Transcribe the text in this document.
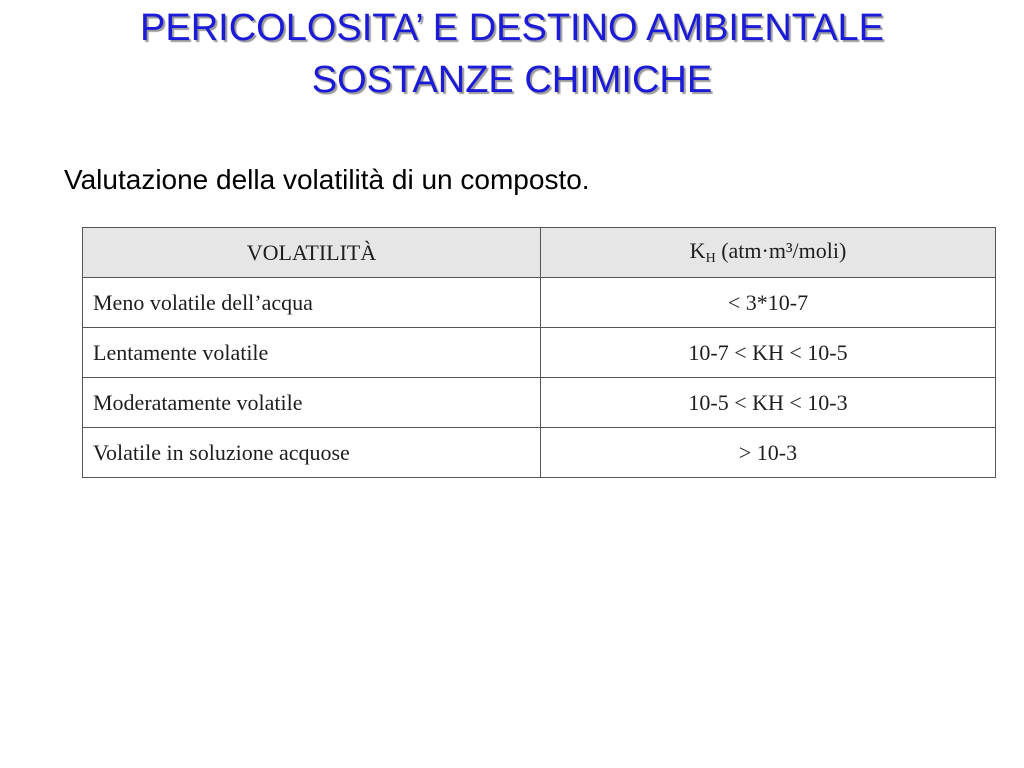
PERICOLOSITA’ E DESTINO AMBIENTALE
SOSTANZE CHIMICHE
Valutazione della volatilità di un composto.
VOLATILITÀ	KH (atm·m³/moli)
Meno volatile dell’acqua	< 3*10-7
Lentamente volatile	10-7 < KH < 10-5
Moderatamente volatile	10-5 < KH < 10-3
Volatile in soluzione acquose	> 10-3
